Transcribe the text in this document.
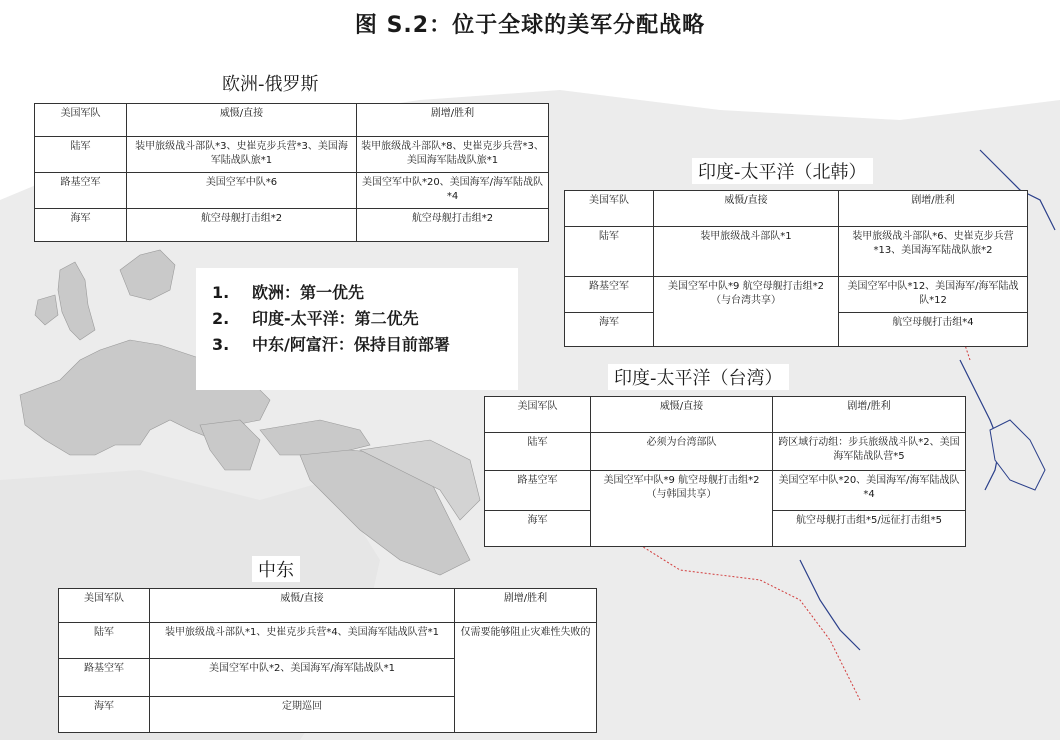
图 S.2：位于全球的美军分配战略
欧洲-俄罗斯
美国军队	威慑/直接	剧增/胜利
陆军	装甲旅级战斗部队*3、史崔克步兵营*3、美国海军陆战队旅*1	装甲旅级战斗部队*8、史崔克步兵营*3、美国海军陆战队旅*1
路基空军	美国空军中队*6	美国空军中队*20、美国海军/海军陆战队*4
海军	航空母舰打击组*2	航空母舰打击组*2
1. 欧洲：第一优先
2. 印度-太平洋：第二优先
3. 中东/阿富汗：保持目前部署
印度-太平洋（北韩）
美国军队	威慑/直接	剧增/胜利
陆军	装甲旅级战斗部队*1	装甲旅级战斗部队*6、史崔克步兵营*13、美国海军陆战队旅*2
路基空军	美国空军中队*9 航空母舰打击组*2 （与台湾共享）	美国空军中队*12、美国海军/海军陆战队*12
海军		航空母舰打击组*4
印度-太平洋（台湾）
美国军队	威慑/直接	剧增/胜利
陆军	必须为台湾部队	跨区域行动组：步兵旅级战斗队*2、美国海军陆战队营*5
路基空军	美国空军中队*9 航空母舰打击组*2 （与韩国共享）	美国空军中队*20、美国海军/海军陆战队*4
海军		航空母舰打击组*5/远征打击组*5
中东
美国军队	威慑/直接	剧增/胜利
陆军	装甲旅级战斗部队*1、史崔克步兵营*4、美国海军陆战队营*1	仅需要能够阻止灾难性失败的
路基空军	美国空军中队*2、美国海军/海军陆战队*1	
海军	定期巡回	
